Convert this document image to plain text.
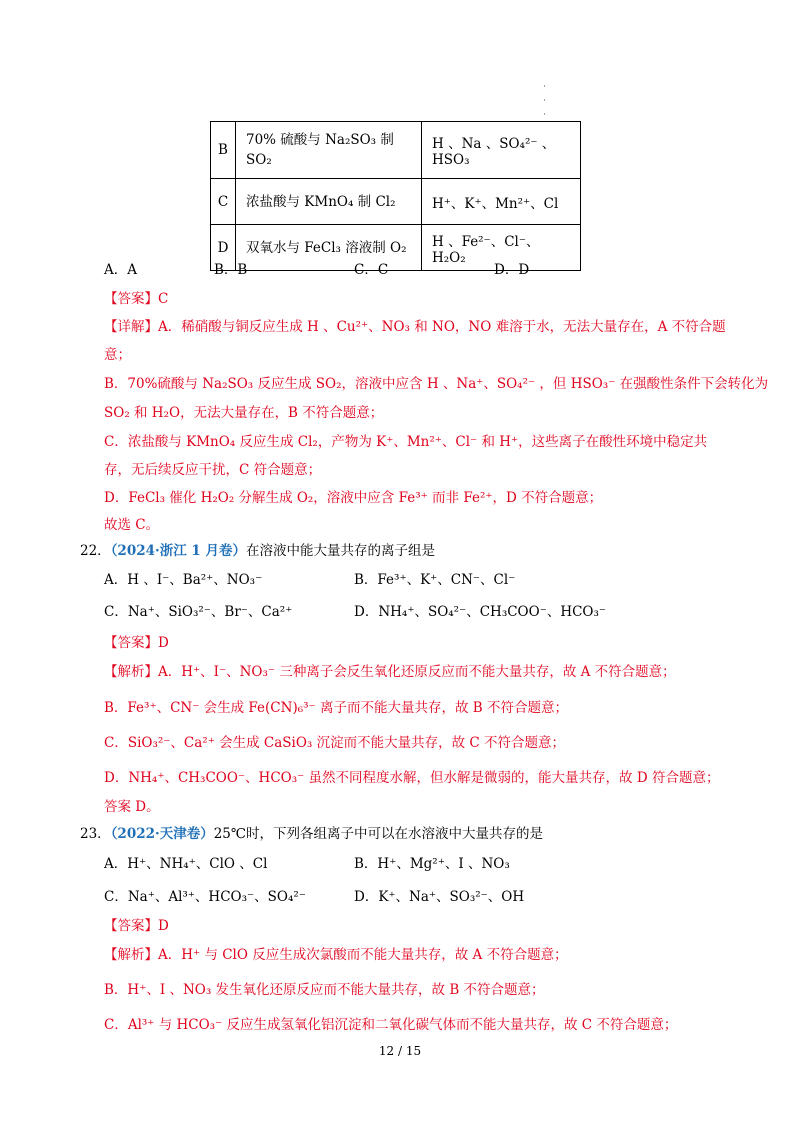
·
·
·
B	70% 硫酸与 Na₂SO₃ 制 SO₂	H 、Na 、SO₄²⁻ 、HSO₃
C	浓盐酸与 KMnO₄ 制 Cl₂	H⁺、K⁺、Mn²⁺、Cl
D	双氧水与 FeCl₃ 溶液制 O₂	H 、Fe²⁻、Cl⁻、H₂O₂
A．A	B．B	C．C	D．D
【答案】C
【详解】A．稀硝酸与铜反应生成 H 、Cu²⁺、NO₃ 和 NO，NO 难溶于水，无法大量存在，A 不符合题
意；
B．70%硫酸与 Na₂SO₃ 反应生成 SO₂，溶液中应含 H 、Na⁺、SO₄²⁻ ，但 HSO₃⁻ 在强酸性条件下会转化为
SO₂ 和 H₂O，无法大量存在，B 不符合题意；
C．浓盐酸与 KMnO₄ 反应生成 Cl₂，产物为 K⁺、Mn²⁺、Cl⁻ 和 H⁺，这些离子在酸性环境中稳定共
存，无后续反应干扰，C 符合题意；
D．FeCl₃ 催化 H₂O₂ 分解生成 O₂，溶液中应含 Fe³⁺ 而非 Fe²⁺，D 不符合题意；
故选 C。
22．（2024·浙江 1 月卷）在溶液中能大量共存的离子组是
A．H 、I⁻、Ba²⁺、NO₃⁻	B．Fe³⁺、K⁺、CN⁻、Cl⁻
C．Na⁺、SiO₃²⁻、Br⁻、Ca²⁺	D．NH₄⁺、SO₄²⁻、CH₃COO⁻、HCO₃⁻
【答案】D
【解析】A．H⁺、I⁻、NO₃⁻ 三种离子会反生氧化还原反应而不能大量共存，故 A 不符合题意；
B．Fe³⁺、CN⁻ 会生成 Fe(CN)₆³⁻ 离子而不能大量共存，故 B 不符合题意；
C．SiO₃²⁻、Ca²⁺ 会生成 CaSiO₃ 沉淀而不能大量共存，故 C 不符合题意；
D．NH₄⁺、CH₃COO⁻、HCO₃⁻ 虽然不同程度水解，但水解是微弱的，能大量共存，故 D 符合题意；
答案 D。
23．（2022·天津卷）25℃时，下列各组离子中可以在水溶液中大量共存的是
A．H⁺、NH₄⁺、ClO 、Cl	B．H⁺、Mg²⁺、I 、NO₃
C．Na⁺、Al³⁺、HCO₃⁻、SO₄²⁻	D．K⁺、Na⁺、SO₃²⁻、OH
【答案】D
【解析】A．H⁺ 与 ClO 反应生成次氯酸而不能大量共存，故 A 不符合题意；
B．H⁺、I 、NO₃ 发生氧化还原反应而不能大量共存，故 B 不符合题意；
C．Al³⁺ 与 HCO₃⁻ 反应生成氢氧化铝沉淀和二氧化碳气体而不能大量共存，故 C 不符合题意；
12 / 15
